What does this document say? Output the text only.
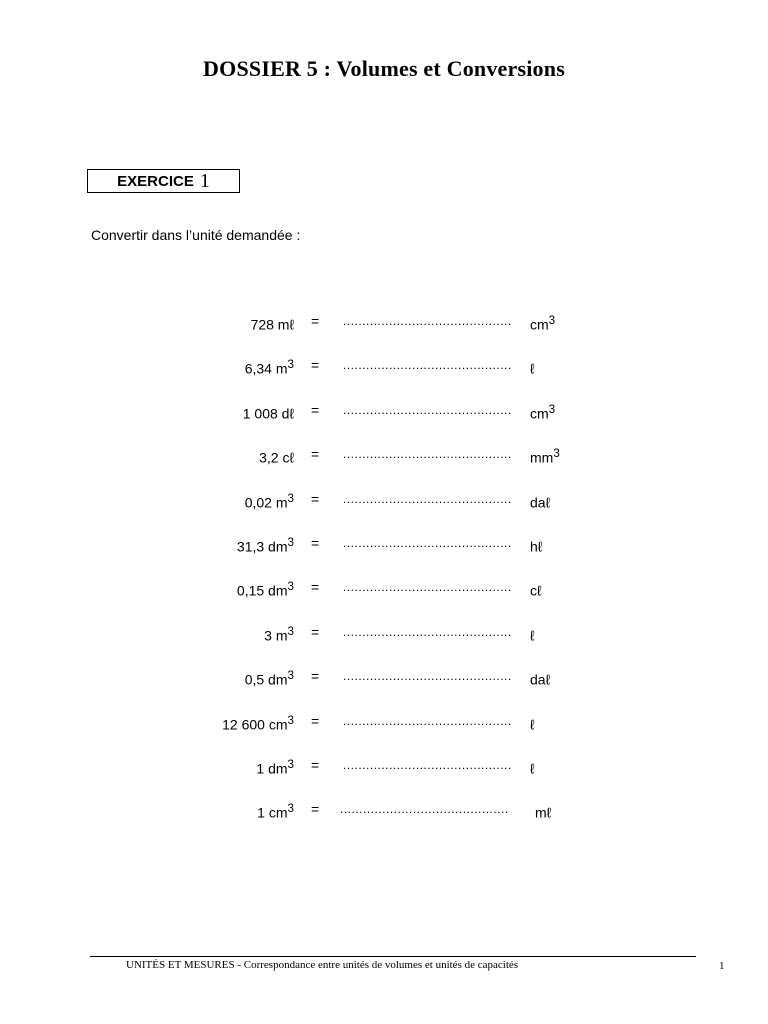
DOSSIER 5 : Volumes et Conversions
EXERCICE 1
Convertir dans l’unité demandée :
728 mℓ = ............................................	$cm^3$
6,34 $m^3$ = ............................................	ℓ
1 008 dℓ = ............................................	$cm^3$
3,2 cℓ = ............................................	$mm^3$
0,02 $m^3$ = ............................................	daℓ
31,3 $dm^3$ = ............................................	hℓ
0,15 $dm^3$ = ............................................	cℓ
3 $m^3$ = ............................................	ℓ
0,5 $dm^3$ = ............................................	daℓ
12 600 $cm^3$ = ............................................	ℓ
1 $dm^3$ = ............................................	ℓ
1 $cm^3$ = ............................................	mℓ
UNITÉS ET MESURES - Correspondance entre unités de volumes et unités de capacités	1
